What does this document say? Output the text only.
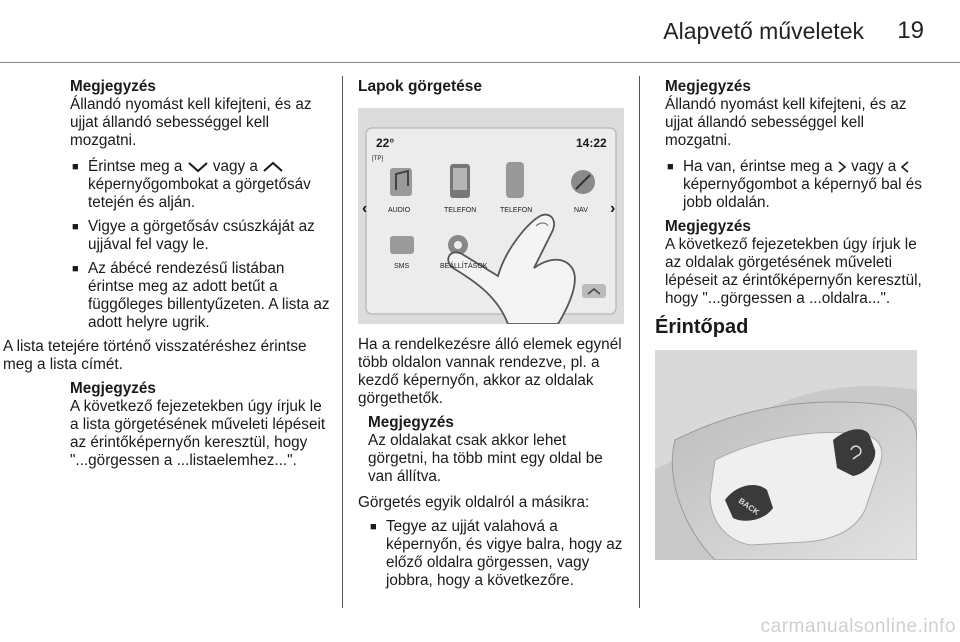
Alapvető műveletek 19
Megjegyzés
Állandó nyomást kell kifejteni, és az ujjat állandó sebességgel kell mozgatni.
■ Érintse meg a vagy a  képernyőgombokat a görgetősáv tetején és alján.
■ Vigye a görgetősáv csúszkáját az ujjával fel vagy le.
■ Az ábécé rendezésű listában érintse meg az adott betűt a függőleges billentyűzeten. A lista az adott helyre ugrik.

A lista tetejére történő visszatéréshez érintse meg a lista címét.

Megjegyzés
A következő fejezetekben úgy írjuk le a lista görgetésének műveleti lépéseit az érintőképernyőn keresztül, hogy "...görgessen a ...listaelemhez...".
Lapok görgetése
22°
[TP]
14:22
‹	›
AUDIO	TELEFON	TELEFON	NAV
SMS	BEÁLLÍTÁSOK

Ha a rendelkezésre álló elemek egynél több oldalon vannak rendezve, pl. a kezdő képernyőn, akkor az oldalak görgethetők.

Megjegyzés
Az oldalakat csak akkor lehet görgetni, ha több mint egy oldal be van állítva.

Görgetés egyik oldalról a másikra:

■ Tegye az ujját valahová a képernyőn, és vigye balra, hogy az előző oldalra görgessen, vagy jobbra, hogy a következőre.
Megjegyzés
Állandó nyomást kell kifejteni, és az ujjat állandó sebességgel kell mozgatni.
■ Ha van, érintse meg a vagy a  képernyőgombot a képernyő bal és jobb oldalán.
Megjegyzés
A következő fejezetekben úgy írjuk le az oldalak görgetésének műveleti lépéseit az érintőképernyőn keresztül, hogy "...görgessen a ...oldalra...".
Érintőpad
BACK
carmanualsonline.info
